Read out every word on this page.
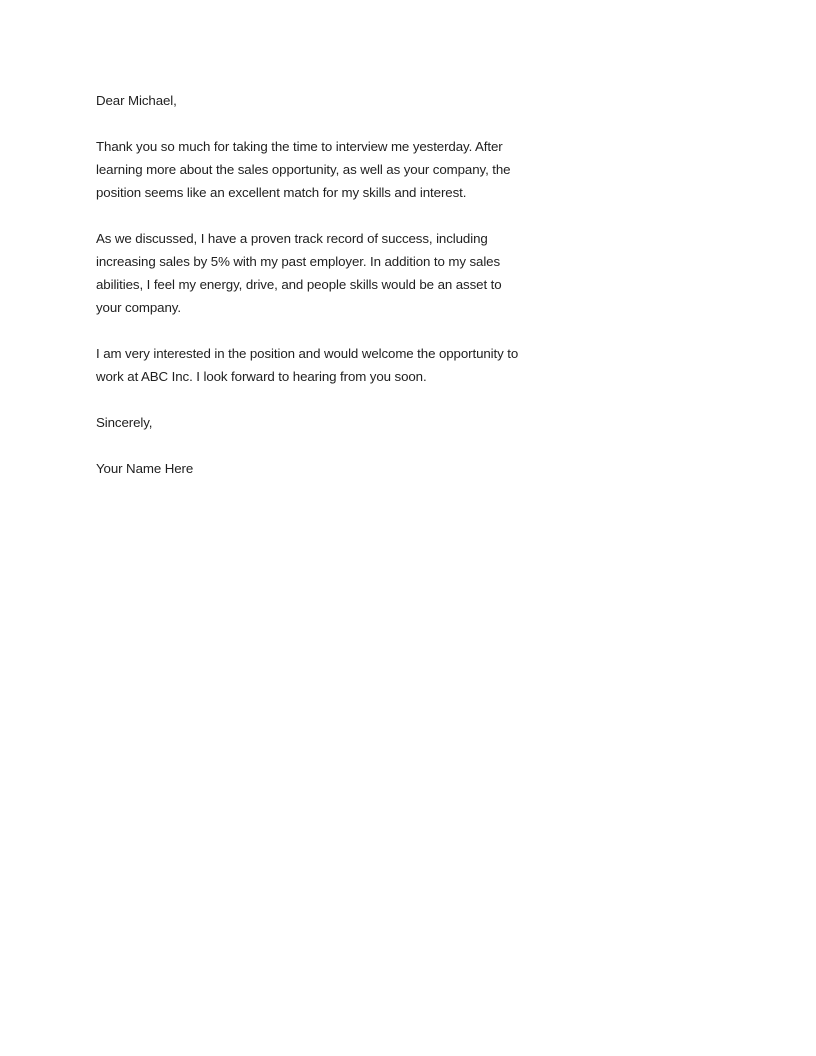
Dear Michael,

Thank you so much for taking the time to interview me yesterday. After
learning more about the sales opportunity, as well as your company, the
position seems like an excellent match for my skills and interest.

As we discussed, I have a proven track record of success, including
increasing sales by 5% with my past employer. In addition to my sales
abilities, I feel my energy, drive, and people skills would be an asset to
your company.

I am very interested in the position and would welcome the opportunity to
work at ABC Inc. I look forward to hearing from you soon.

Sincerely,

Your Name Here
